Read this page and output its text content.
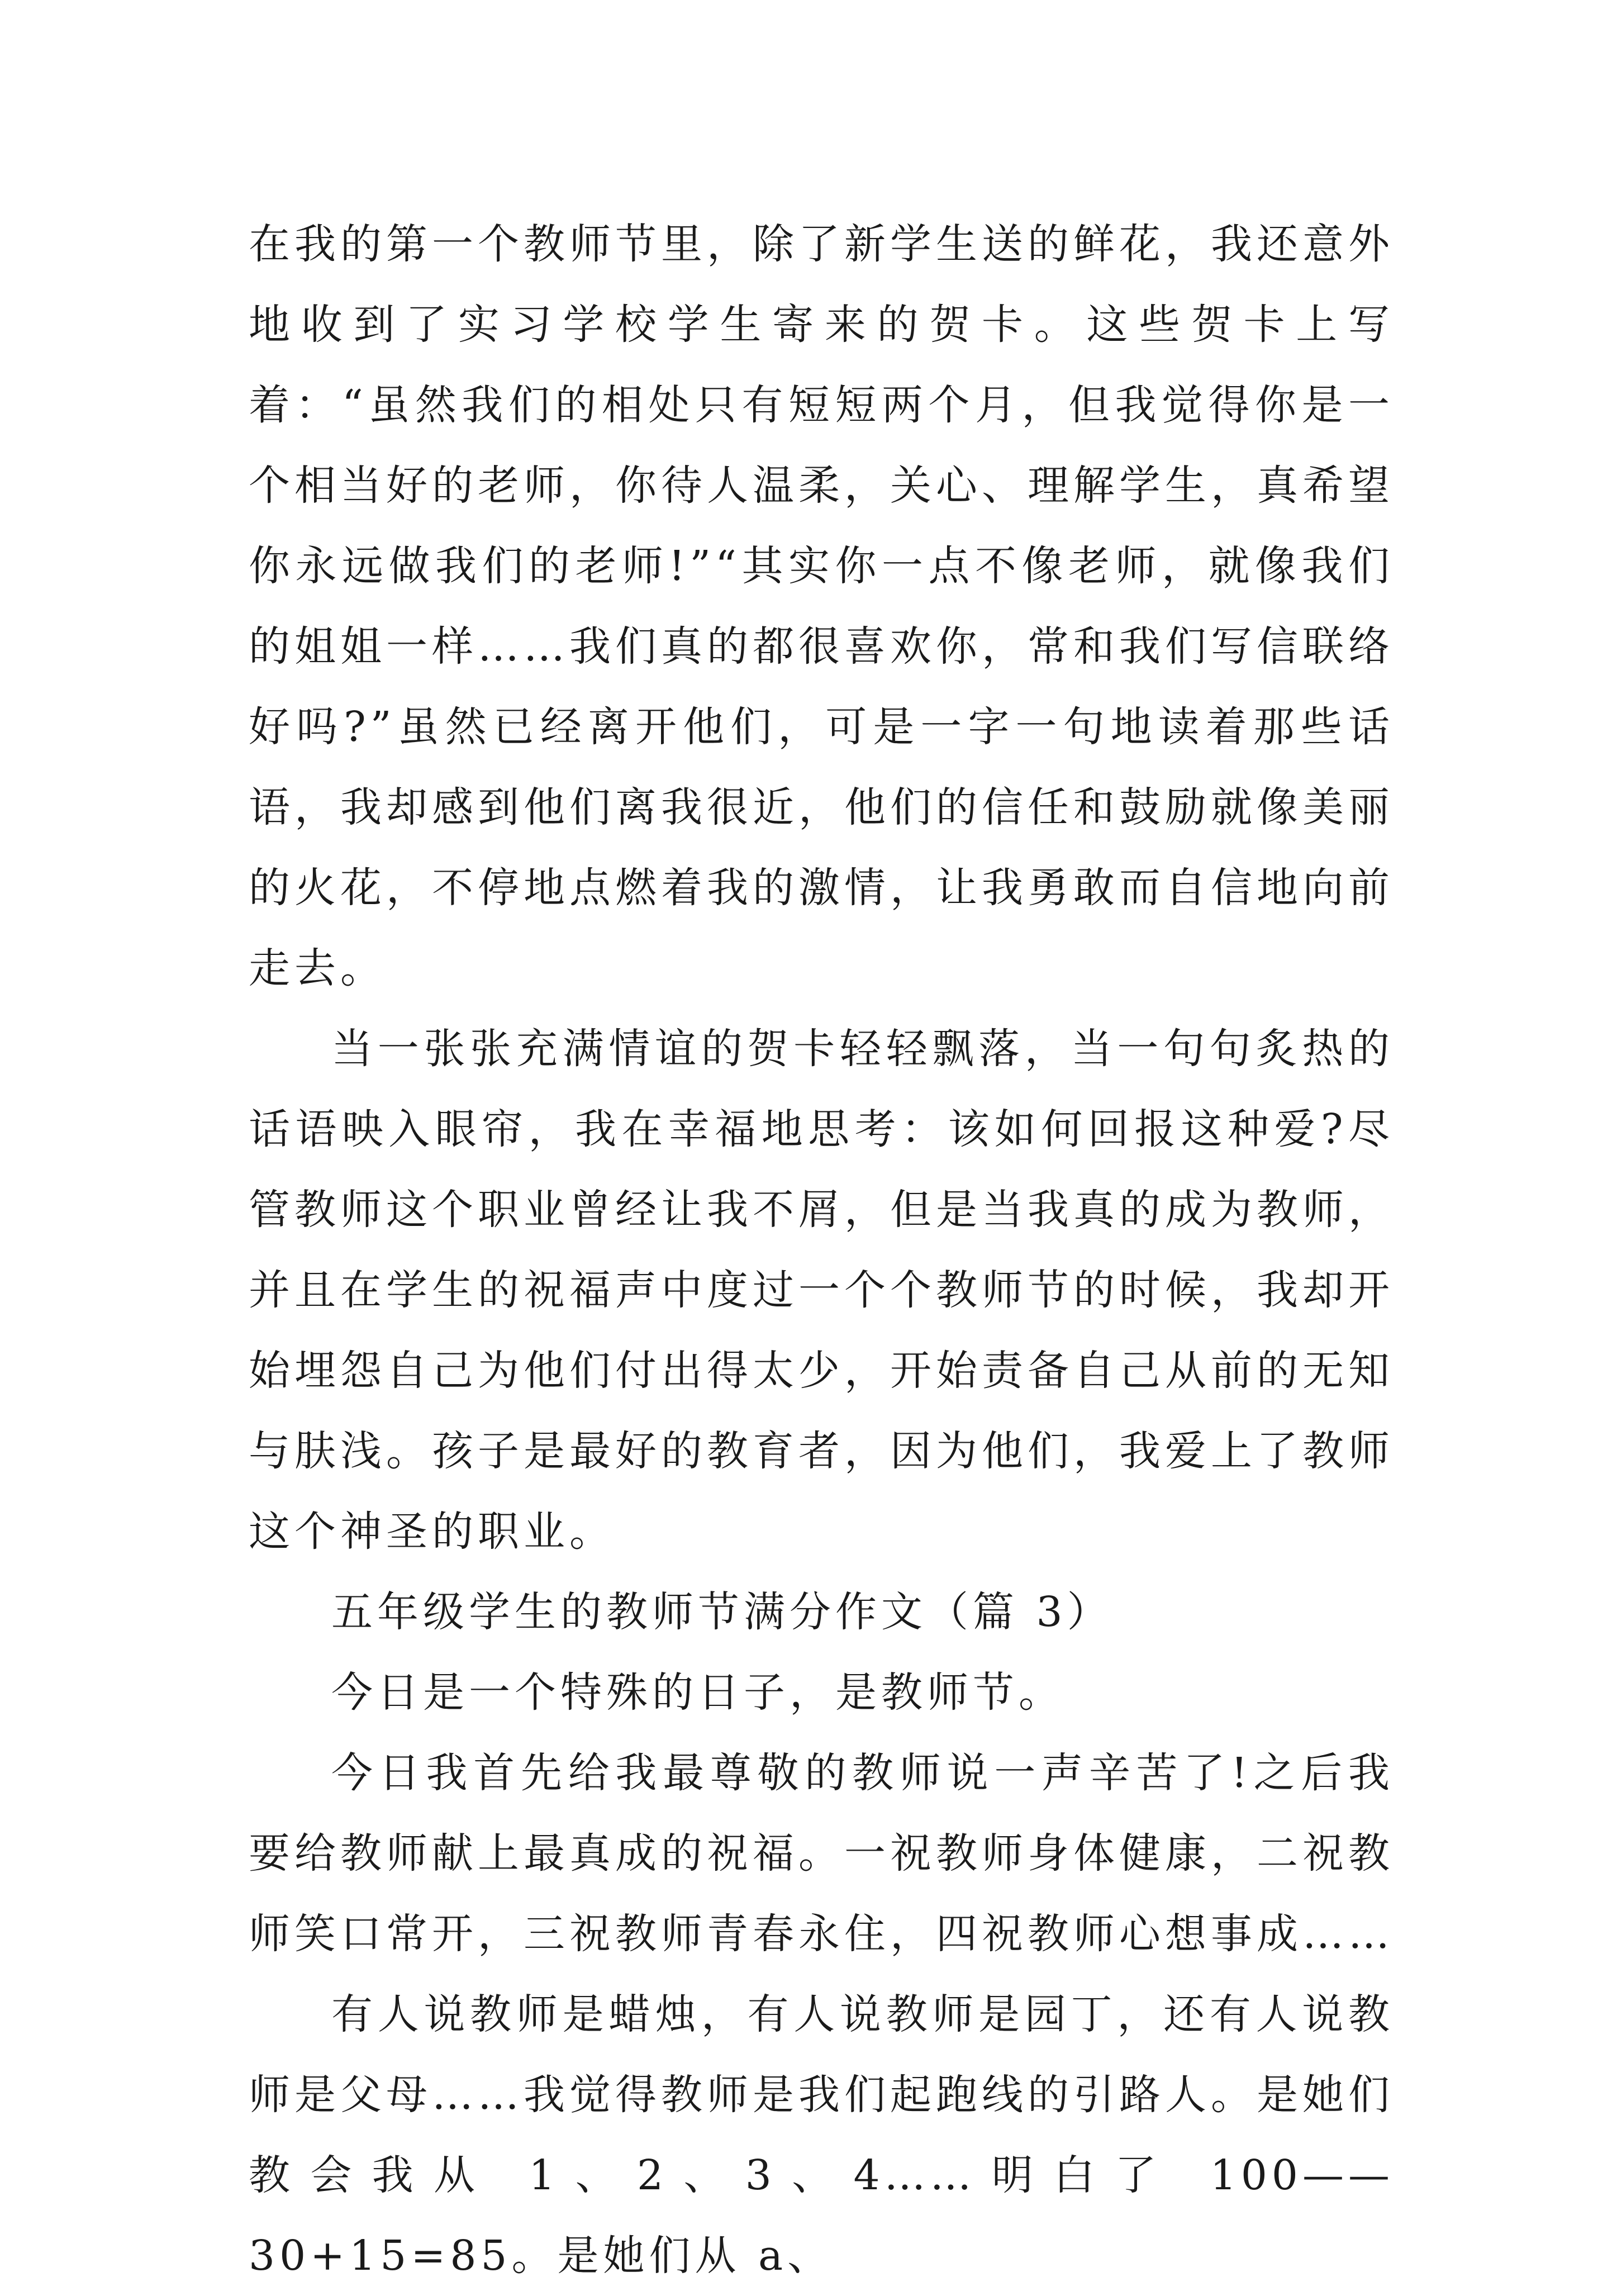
在我的第一个教师节里，除了新学生送的鲜花，我还意外地收到了实习学校学生寄来的贺卡。这些贺卡上写着：“虽然我们的相处只有短短两个月，但我觉得你是一个相当好的老师，你待人温柔，关心、理解学生，真希望你永远做我们的老师!”“其实你一点不像老师，就像我们的姐姐一样……我们真的都很喜欢你，常和我们写信联络好吗?”虽然已经离开他们，可是一字一句地读着那些话语，我却感到他们离我很近，他们的信任和鼓励就像美丽的火花，不停地点燃着我的激情，让我勇敢而自信地向前走去。

当一张张充满情谊的贺卡轻轻飘落，当一句句炙热的话语映入眼帘，我在幸福地思考：该如何回报这种爱?尽管教师这个职业曾经让我不屑，但是当我真的成为教师，并且在学生的祝福声中度过一个个教师节的时候，我却开始埋怨自己为他们付出得太少，开始责备自己从前的无知与肤浅。孩子是最好的教育者，因为他们，我爱上了教师这个神圣的职业。

五年级学生的教师节满分作文（篇 3）

今日是一个特殊的日子，是教师节。

今日我首先给我最尊敬的教师说一声辛苦了!之后我要给教师献上最真成的祝福。一祝教师身体健康，二祝教师笑口常开，三祝教师青春永住，四祝教师心想事成……

有人说教师是蜡烛，有人说教师是园丁，还有人说教师是父母……我觉得教师是我们起跑线的引路人。是她们教会我从 1、2、3、4……明白了 100——30+15=85。是她们从 a、
